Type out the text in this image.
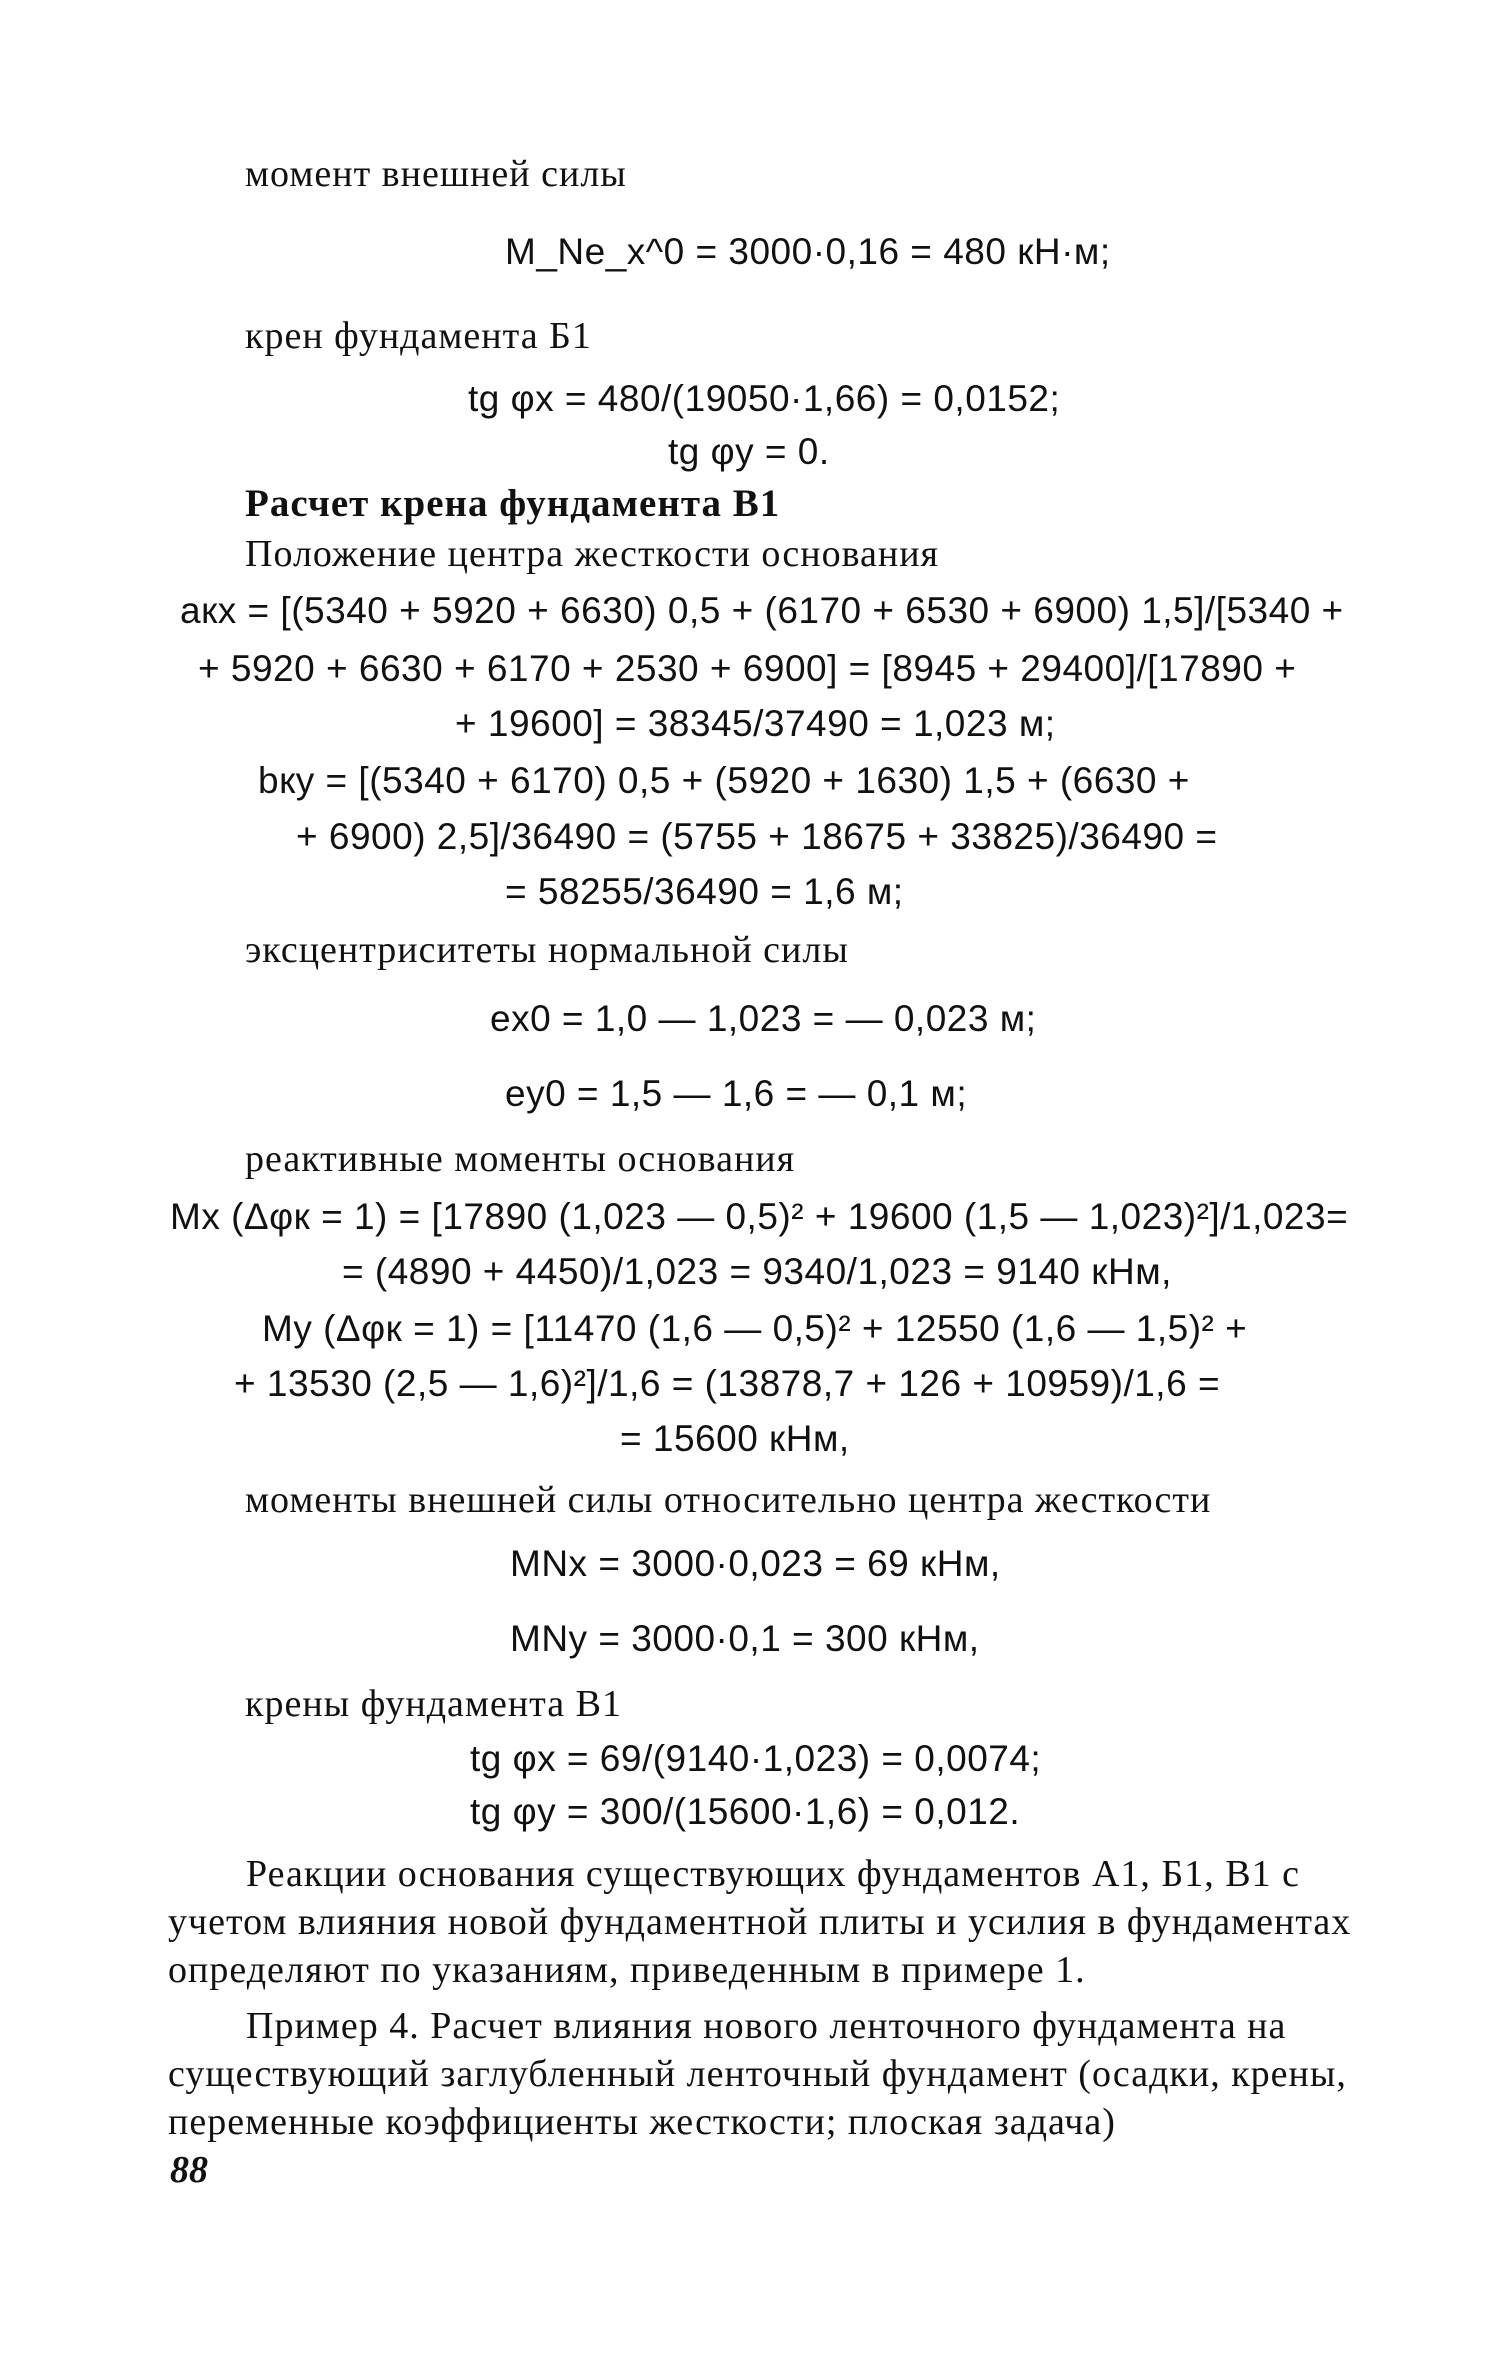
момент внешней силы
M_Ne_x^0 = 3000·0,16 = 480 кН·м;
крен фундамента Б1
tg φx = 480/(19050·1,66) = 0,0152;
tg φy = 0.
Расчет крена фундамента В1
Положение центра жесткости основания
aкx = [(5340 + 5920 + 6630) 0,5 + (6170 + 6530 + 6900) 1,5]/[5340 +
+ 5920 + 6630 + 6170 + 2530 + 6900] = [8945 + 29400]/[17890 +
+ 19600] = 38345/37490 = 1,023 м;
bкy = [(5340 + 6170) 0,5 + (5920 + 1630) 1,5 + (6630 +
+ 6900) 2,5]/36490 = (5755 + 18675 + 33825)/36490 =
= 58255/36490 = 1,6 м;
эксцентриситеты нормальной силы
ex0 = 1,0 — 1,023 = — 0,023 м;
ey0 = 1,5 — 1,6 = — 0,1 м;
реактивные моменты основания
Mx (Δφк = 1) = [17890 (1,023 — 0,5)² + 19600 (1,5 — 1,023)²]/1,023=
= (4890 + 4450)/1,023 = 9340/1,023 = 9140 кНм,
My (Δφк = 1) = [11470 (1,6 — 0,5)² + 12550 (1,6 — 1,5)² +
+ 13530 (2,5 — 1,6)²]/1,6 = (13878,7 + 126 + 10959)/1,6 =
= 15600 кНм,
моменты внешней силы относительно центра жесткости
MNx = 3000·0,023 = 69 кНм,
MNy = 3000·0,1 = 300 кНм,
крены фундамента В1
tg φx = 69/(9140·1,023) = 0,0074;
tg φy = 300/(15600·1,6) = 0,012.
Реакции основания существующих фундаментов А1, Б1, В1 с
учетом влияния новой фундаментной плиты и усилия в фундаментах
определяют по указаниям, приведенным в примере 1.
Пример 4. Расчет влияния нового ленточного фундамента на
существующий заглубленный ленточный фундамент (осадки, крены,
переменные коэффициенты жесткости; плоская задача)
88
